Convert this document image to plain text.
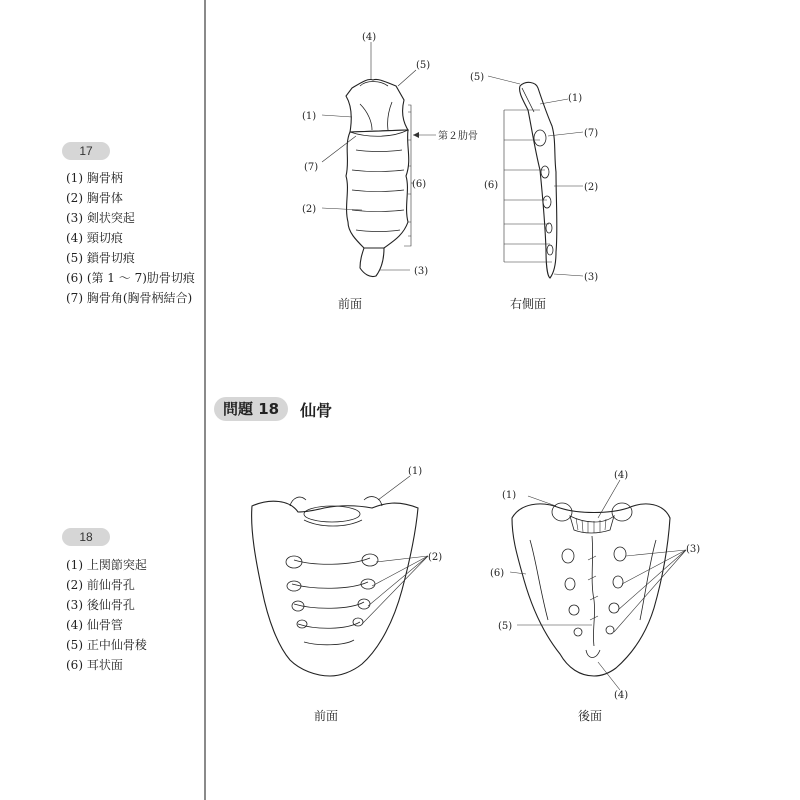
17
(1) 胸骨柄
(2) 胸骨体
(3) 剣状突起
(4) 頸切痕
(5) 鎖骨切痕
(6) (第 1 ～ 7)肋骨切痕
(7) 胸骨角(胸骨柄結合)
18
(1) 上関節突起
(2) 前仙骨孔
(3) 後仙骨孔
(4) 仙骨管
(5) 正中仙骨稜
(6) 耳状面
問題 18	仙骨
(4)
(5)
(1)
(7)
(2)
(6)
(3)
第２肋骨
前面
(5)
(1)
(7)
(6)	(2)
(3)
右側面
(1)
(2)
前面
(4)
(1)
(3)
(6)
(5)
(4)
後面
